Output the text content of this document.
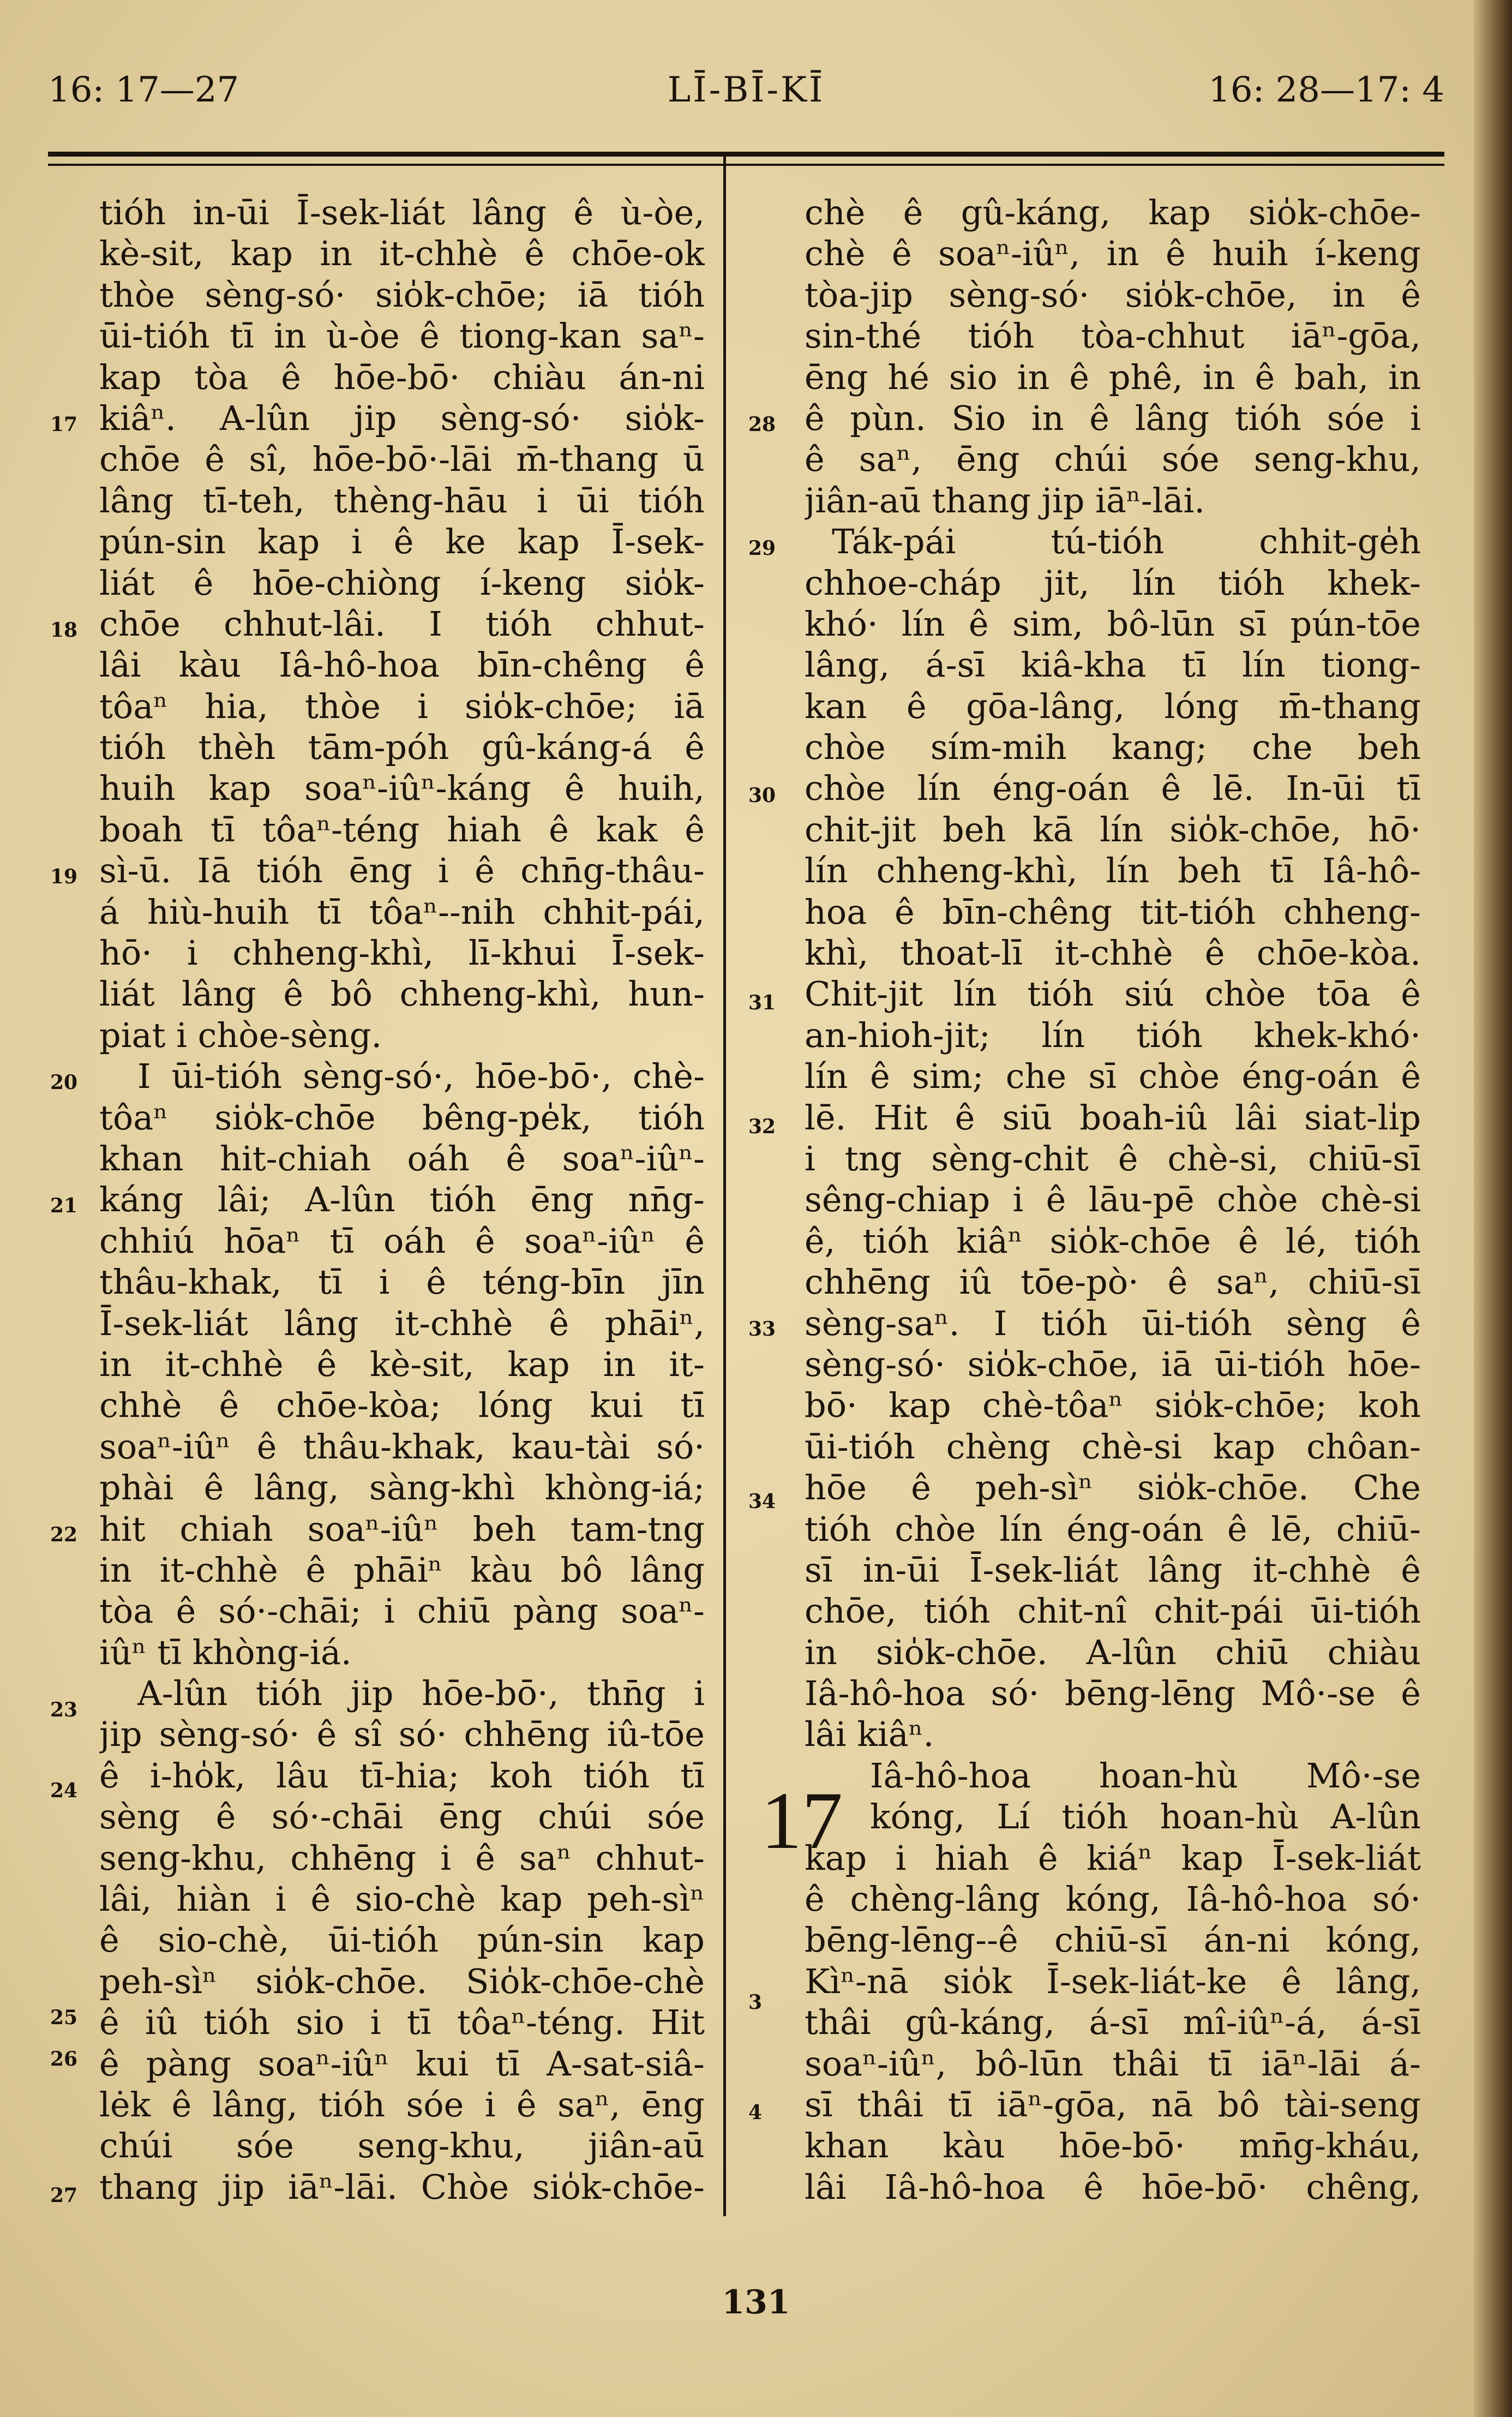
16: 17—27	LĪ-BĪ-KĪ	16: 28—17: 4
17
18
19
20
21
22
23
24
25
26
27
28
29
30
31
32
33
34
3
4
tióh in-ūi Ī-sek-liát lâng ê ù-òe,
kè-sit, kap in it-chhè ê chōe-ok
thòe sèng-só· sio̍k-chōe; iā tióh
ūi-tióh tī in ù-òe ê tiong-kan saⁿ-
kap tòa ê hōe-bō· chiàu án-ni
kiâⁿ. A-lûn jip sèng-só· sio̍k-
chōe ê sî, hōe-bō·-lāi m̄-thang ū
lâng tī-teh, thèng-hāu i ūi tióh
pún-sin kap i ê ke kap Ī-sek-
liát ê hōe-chiòng í-keng sio̍k-
chōe chhut-lâi. I tióh chhut-
lâi kàu Iâ-hô-hoa bīn-chêng ê
tôaⁿ hia, thòe i sio̍k-chōe; iā
tióh thèh tām-póh gû-káng-á ê
huih kap soaⁿ-iûⁿ-káng ê huih,
boah tī tôaⁿ-téng hiah ê kak ê
sì-ū. Iā tióh ēng i ê chn̄g-thâu-
á hiù-huih tī tôaⁿ--nih chhit-pái,
hō· i chheng-khì, lī-khui Ī-sek-
liát lâng ê bô chheng-khì, hun-
piat i chòe-sèng.
I ūi-tióh sèng-só·, hōe-bō·, chè-
tôaⁿ sio̍k-chōe bêng-pe̍k, tióh
khan hit-chiah oáh ê soaⁿ-iûⁿ-
káng lâi; A-lûn tióh ēng nn̄g-
chhiú hōaⁿ tī oáh ê soaⁿ-iûⁿ ê
thâu-khak, tī i ê téng-bīn jīn
Ī-sek-liát lâng it-chhè ê phāiⁿ,
in it-chhè ê kè-sit, kap in it-
chhè ê chōe-kòa; lóng kui tī
soaⁿ-iûⁿ ê thâu-khak, kau-tài só·
phài ê lâng, sàng-khì khòng-iá;
hit chiah soaⁿ-iûⁿ beh tam-tng
in it-chhè ê phāiⁿ kàu bô lâng
tòa ê só·-chāi; i chiū pàng soaⁿ-
iûⁿ tī khòng-iá.
A-lûn tióh jip hōe-bō·, thn̄g i
jip sèng-só· ê sî só· chhēng iû-tōe
ê i-ho̍k, lâu tī-hia; koh tióh tī
sèng ê só·-chāi ēng chúi sóe
seng-khu, chhēng i ê saⁿ chhut-
lâi, hiàn i ê sio-chè kap peh-sìⁿ
ê sio-chè, ūi-tióh pún-sin kap
peh-sìⁿ sio̍k-chōe. Sio̍k-chōe-chè
ê iû tióh sio i tī tôaⁿ-téng. Hit
ê pàng soaⁿ-iûⁿ kui tī A-sat-siâ-
lėk ê lâng, tióh sóe i ê saⁿ, ēng
chúi sóe seng-khu, jiân-aū
thang jip iāⁿ-lāi. Chòe sio̍k-chōe-
chè ê gû-káng, kap sio̍k-chōe-
chè ê soaⁿ-iûⁿ, in ê huih í-keng
tòa-jip sèng-só· sio̍k-chōe, in ê
sin-thé tióh tòa-chhut iāⁿ-gōa,
ēng hé sio in ê phê, in ê bah, in
ê pùn. Sio in ê lâng tióh sóe i
ê saⁿ, ēng chúi sóe seng-khu,
jiân-aū thang jip iāⁿ-lāi.
Ták-pái tú-tióh chhit-ge̍h
chhoe-cháp jit, lín tióh khek-
khó· lín ê sim, bô-lūn sī pún-tōe
lâng, á-sī kiâ-kha tī lín tiong-
kan ê gōa-lâng, lóng m̄-thang
chòe sím-mih kang; che beh
chòe lín éng-oán ê lē. In-ūi tī
chit-jit beh kā lín sio̍k-chōe, hō·
lín chheng-khì, lín beh tī Iâ-hô-
hoa ê bīn-chêng tit-tióh chheng-
khì, thoat-lī it-chhè ê chōe-kòa.
Chit-jit lín tióh siú chòe tōa ê
an-hioh-jit; lín tióh khek-khó·
lín ê sim; che sī chòe éng-oán ê
lē. Hit ê siū boah-iû lâi siat-li̍p
i tng sèng-chit ê chè-si, chiū-sī
sêng-chiap i ê lāu-pē chòe chè-si
ê, tióh kiâⁿ sio̍k-chōe ê lé, tióh
chhēng iû tōe-pò· ê saⁿ, chiū-sī
sèng-saⁿ. I tióh ūi-tióh sèng ê
sèng-só· sio̍k-chōe, iā ūi-tióh hōe-
bō· kap chè-tôaⁿ sio̍k-chōe; koh
ūi-tióh chèng chè-si kap chôan-
hōe ê peh-sìⁿ sio̍k-chōe. Che
tióh chòe lín éng-oán ê lē, chiū-
sī in-ūi Ī-sek-liát lâng it-chhè ê
chōe, tióh chit-nî chit-pái ūi-tióh
in sio̍k-chōe. A-lûn chiū chiàu
Iâ-hô-hoa só· bēng-lēng Mô·-se ê
lâi kiâⁿ.
Iâ-hô-hoa hoan-hù Mô·-se
kóng, Lí tióh hoan-hù A-lûn
kap i hiah ê kiáⁿ kap Ī-sek-liát
ê chèng-lâng kóng, Iâ-hô-hoa só·
bēng-lēng--ê chiū-sī án-ni kóng,
Kìⁿ-nā sio̍k Ī-sek-liát-ke ê lâng,
thâi gû-káng, á-sī mî-iûⁿ-á, á-sī
soaⁿ-iûⁿ, bô-lūn thâi tī iāⁿ-lāi á-
sī thâi tī iāⁿ-gōa, nā bô tài-seng
khan kàu hōe-bō· mn̄g-kháu,
lâi Iâ-hô-hoa ê hōe-bō· chêng,
17
131
